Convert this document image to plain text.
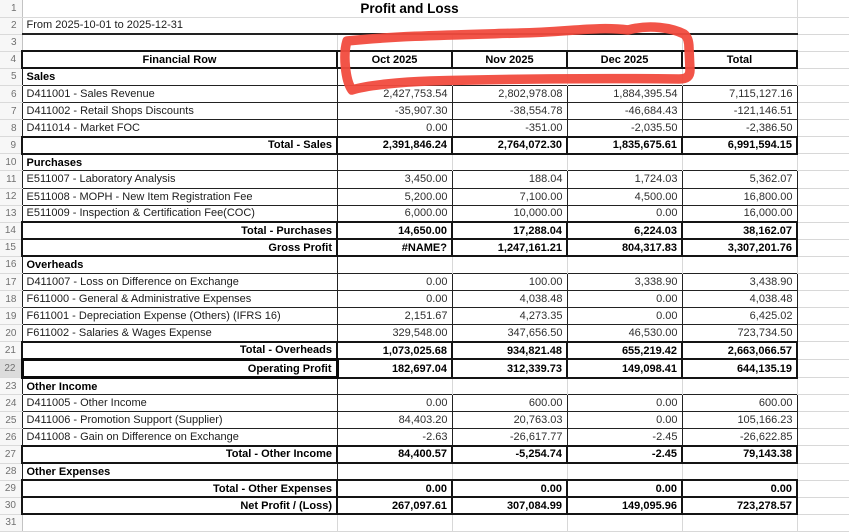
1	Profit and Loss					
2	From 2025-10-01 to 2025-12-31					
3						
4	Financial Row	Oct 2025	Nov 2025	Dec 2025	Total	
5	Sales					
6	D411001 - Sales Revenue	2,427,753.54	2,802,978.08	1,884,395.54	7,115,127.16	
7	D411002 - Retail Shops Discounts	-35,907.30	-38,554.78	-46,684.43	-121,146.51	
8	D411014 - Market FOC	0.00	-351.00	-2,035.50	-2,386.50	
9	Total - Sales	2,391,846.24	2,764,072.30	1,835,675.61	6,991,594.15	
10	Purchases					
11	E511007 - Laboratory Analysis	3,450.00	188.04	1,724.03	5,362.07	
12	E511008 - MOPH - New Item Registration Fee	5,200.00	7,100.00	4,500.00	16,800.00	
13	E511009 - Inspection & Certification Fee(COC)	6,000.00	10,000.00	0.00	16,000.00	
14	Total - Purchases	14,650.00	17,288.04	6,224.03	38,162.07	
15	Gross Profit	#NAME?	1,247,161.21	804,317.83	3,307,201.76	
16	Overheads					
17	D411007 - Loss on Difference on Exchange	0.00	100.00	3,338.90	3,438.90	
18	F611000 - General & Administrative Expenses	0.00	4,038.48	0.00	4,038.48	
19	F611001 - Depreciation Expense (Others) (IFRS 16)	2,151.67	4,273.35	0.00	6,425.02	
20	F611002 - Salaries & Wages Expense	329,548.00	347,656.50	46,530.00	723,734.50	
21	Total - Overheads	1,073,025.68	934,821.48	655,219.42	2,663,066.57	
22	Operating Profit	182,697.04	312,339.73	149,098.41	644,135.19	
23	Other Income					
24	D411005 - Other Income	0.00	600.00	0.00	600.00	
25	D411006 - Promotion Support (Supplier)	84,403.20	20,763.03	0.00	105,166.23	
26	D411008 - Gain on Difference on Exchange	-2.63	-26,617.77	-2.45	-26,622.85	
27	Total - Other Income	84,400.57	-5,254.74	-2.45	79,143.38	
28	Other Expenses					
29	Total - Other Expenses	0.00	0.00	0.00	0.00	
30	Net Profit / (Loss)	267,097.61	307,084.99	149,095.96	723,278.57	
31						
